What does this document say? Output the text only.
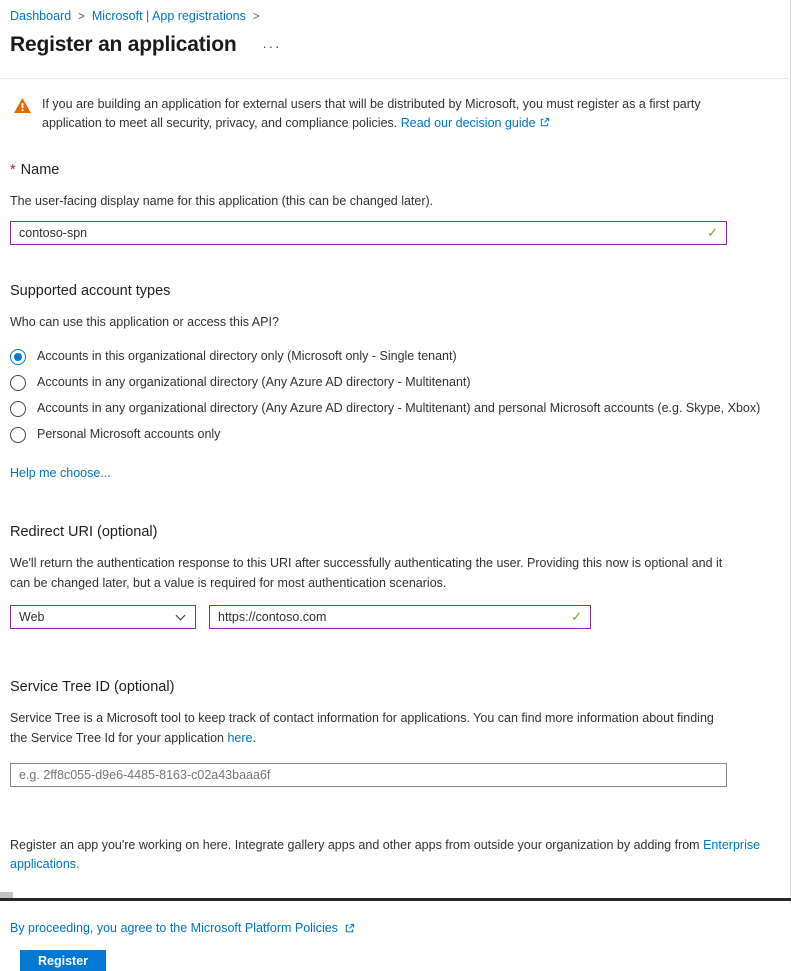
Dashboard > Microsoft | App registrations >
Register an application ···
If you are building an application for external users that will be distributed by Microsoft, you must register as a first party application to meet all security, privacy, and compliance policies. Read our decision guide
* Name
The user-facing display name for this application (this can be changed later).
contoso-spn
✓
Supported account types
Who can use this application or access this API?
Accounts in this organizational directory only (Microsoft only - Single tenant)
Accounts in any organizational directory (Any Azure AD directory - Multitenant)
Accounts in any organizational directory (Any Azure AD directory - Multitenant) and personal Microsoft accounts (e.g. Skype, Xbox)
Personal Microsoft accounts only
Help me choose...
Redirect URI (optional)
We'll return the authentication response to this URI after successfully authenticating the user. Providing this now is optional and it can be changed later, but a value is required for most authentication scenarios.
Web
https://contoso.com	✓
Service Tree ID (optional)
Service Tree is a Microsoft tool to keep track of contact information for applications. You can find more information about finding the Service Tree Id for your application here.
e.g. 2ff8c055-d9e6-4485-8163-c02a43baaa6f
Register an app you're working on here. Integrate gallery apps and other apps from outside your organization by adding from Enterprise applications.
By proceeding, you agree to the Microsoft Platform Policies
Register
